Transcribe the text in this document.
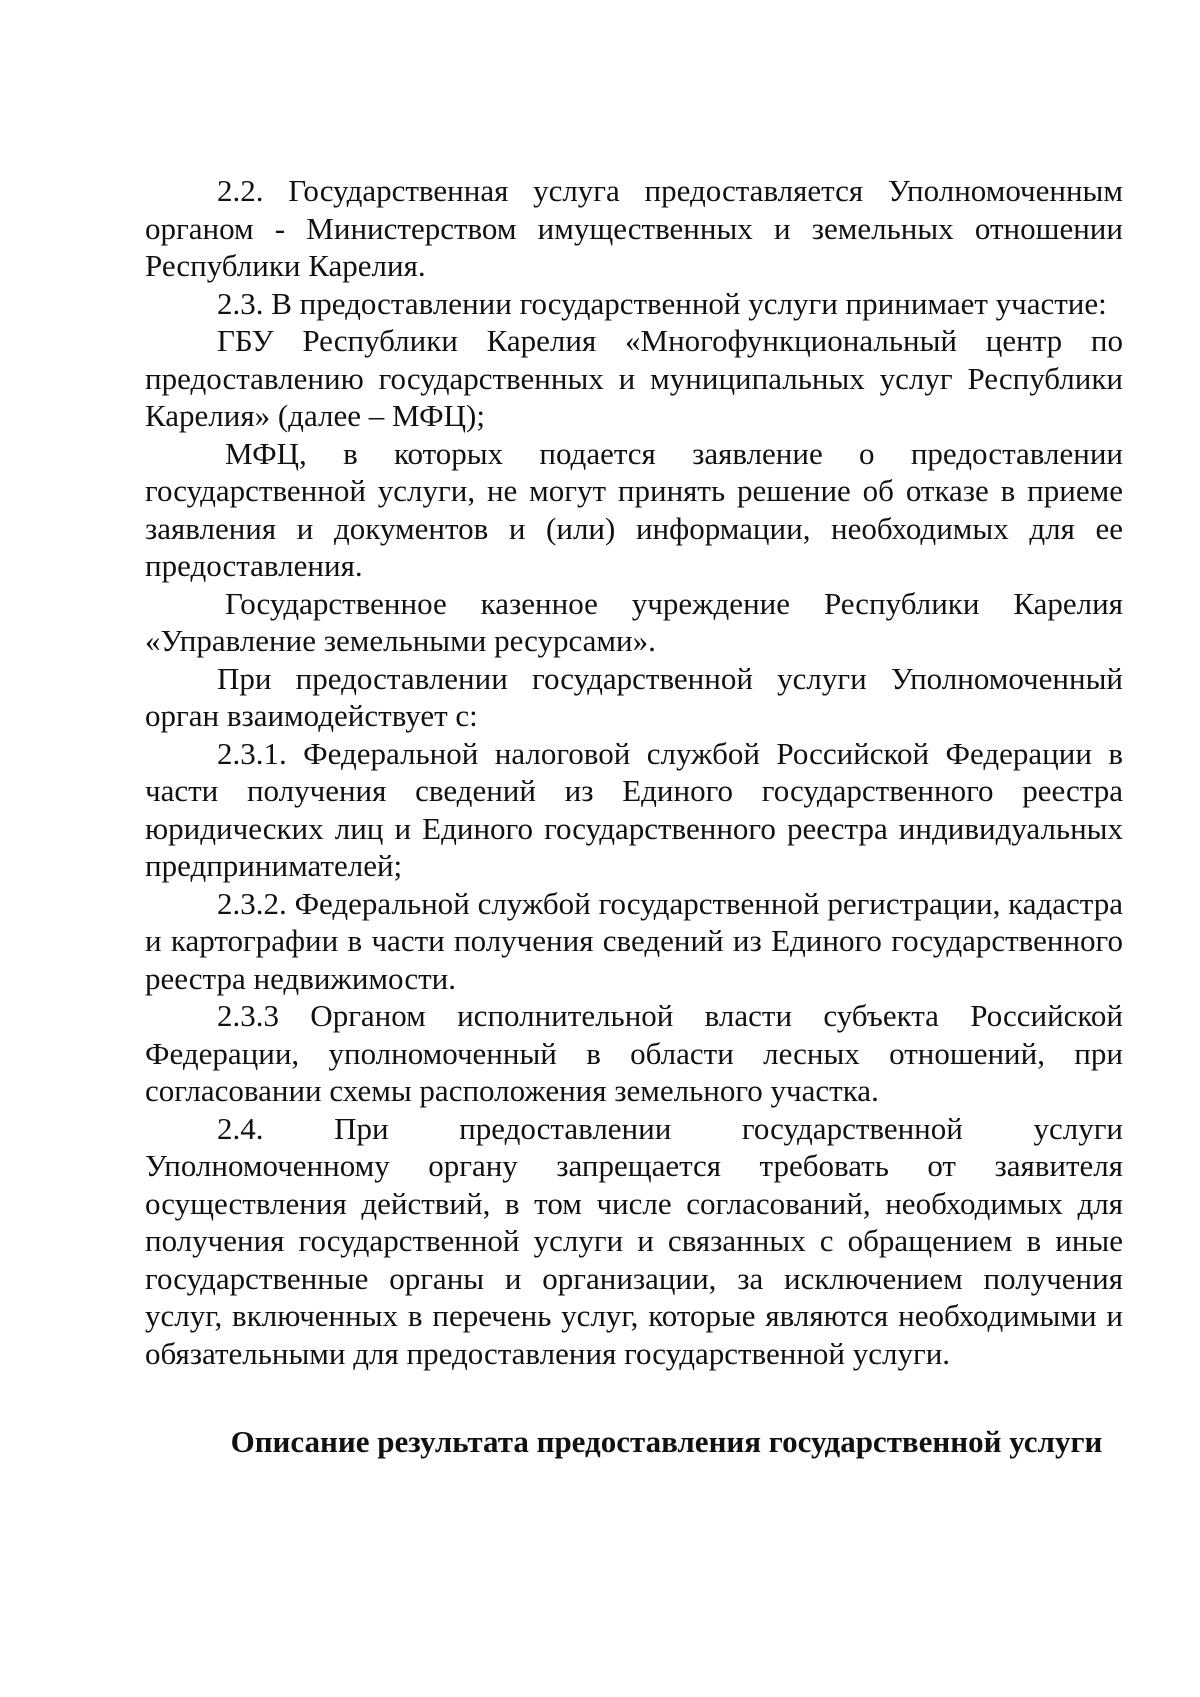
2.2. Государственная услуга предоставляется Уполномоченным органом - Министерством имущественных и земельных отношении Республики Карелия.

2.3. В предоставлении государственной услуги принимает участие:

ГБУ Республики Карелия «Многофункциональный центр по предоставлению государственных и муниципальных услуг Республики Карелия» (далее – МФЦ);

МФЦ, в которых подается заявление о предоставлении государственной услуги, не могут принять решение об отказе в приеме заявления и документов и (или) информации, необходимых для ее предоставления.

Государственное казенное учреждение Республики Карелия «Управление земельными ресурсами».

При предоставлении государственной услуги Уполномоченный орган взаимодействует с:

2.3.1. Федеральной налоговой службой Российской Федерации в части получения сведений из Единого государственного реестра юридических лиц и Единого государственного реестра индивидуальных предпринимателей;

2.3.2. Федеральной службой государственной регистрации, кадастра и картографии в части получения сведений из Единого государственного реестра недвижимости.

2.3.3 Органом исполнительной власти субъекта Российской Федерации, уполномоченный в области лесных отношений, при согласовании схемы расположения земельного участка.

2.4. При предоставлении государственной услуги Уполномоченному органу запрещается требовать от заявителя осуществления действий, в том числе согласований, необходимых для получения государственной услуги и связанных с обращением в иные государственные органы и организации, за исключением получения услуг, включенных в перечень услуг, которые являются необходимыми и обязательными для предоставления государственной услуги.

Описание результата предоставления государственной услуги
